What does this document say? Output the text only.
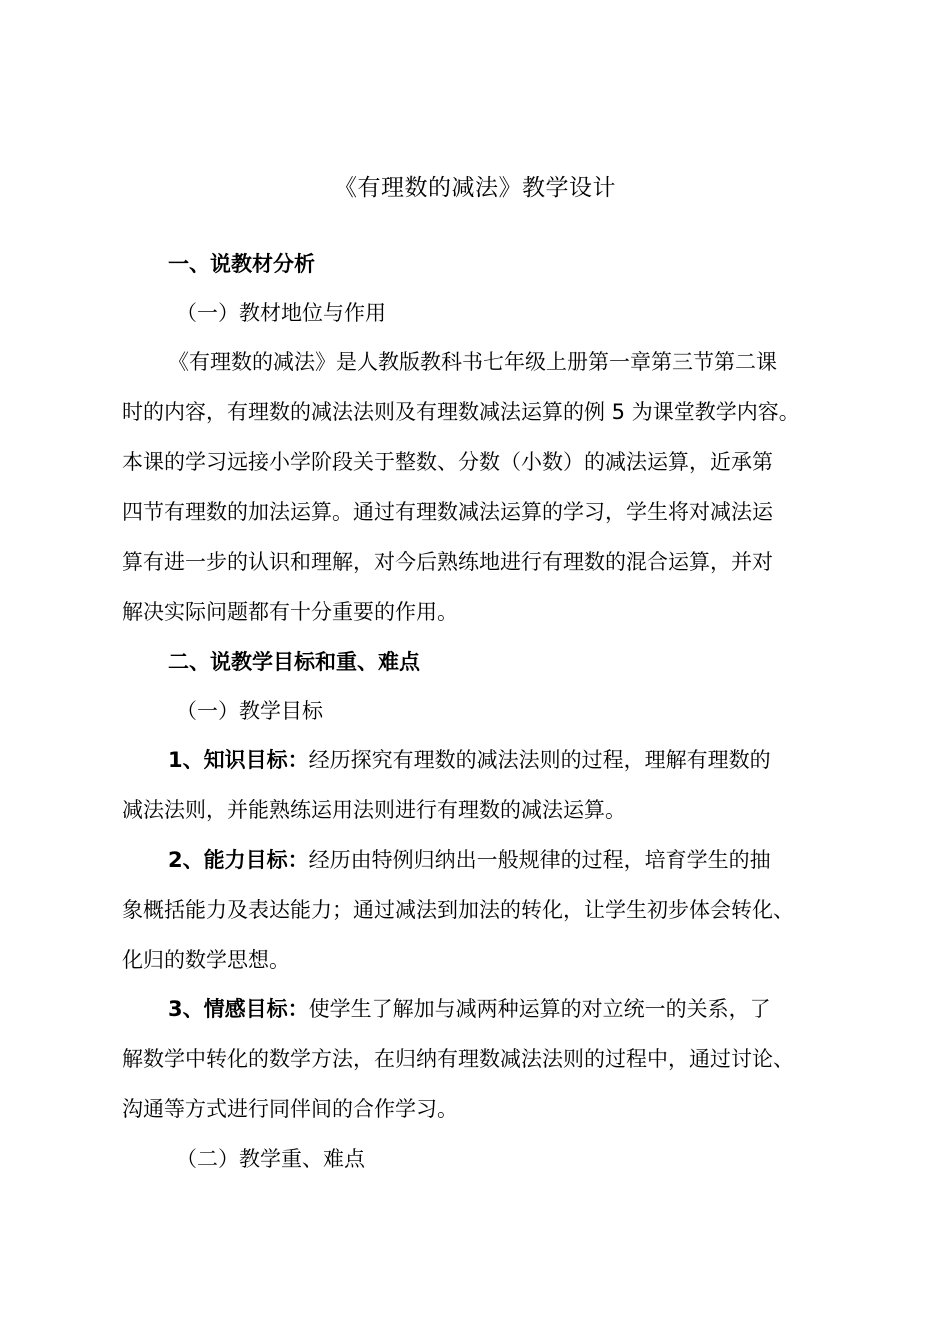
《有理数的减法》教学设计
一、说教材分析
（一）教材地位与作用
《有理数的减法》是人教版教科书七年级上册第一章第三节第二课
时的内容，有理数的减法法则及有理数减法运算的例 5 为课堂教学内容。
本课的学习远接小学阶段关于整数、分数（小数）的减法运算，近承第
四节有理数的加法运算。通过有理数减法运算的学习，学生将对减法运
算有进一步的认识和理解，对今后熟练地进行有理数的混合运算，并对
解决实际问题都有十分重要的作用。
二、说教学目标和重、难点
（一）教学目标
1、知识目标：经历探究有理数的减法法则的过程，理解有理数的
减法法则，并能熟练运用法则进行有理数的减法运算。
2、能力目标：经历由特例归纳出一般规律的过程，培育学生的抽
象概括能力及表达能力；通过减法到加法的转化，让学生初步体会转化、
化归的数学思想。
3、情感目标：使学生了解加与减两种运算的对立统一的关系，了
解数学中转化的数学方法，在归纳有理数减法法则的过程中，通过讨论、
沟通等方式进行同伴间的合作学习。
（二）教学重、难点
